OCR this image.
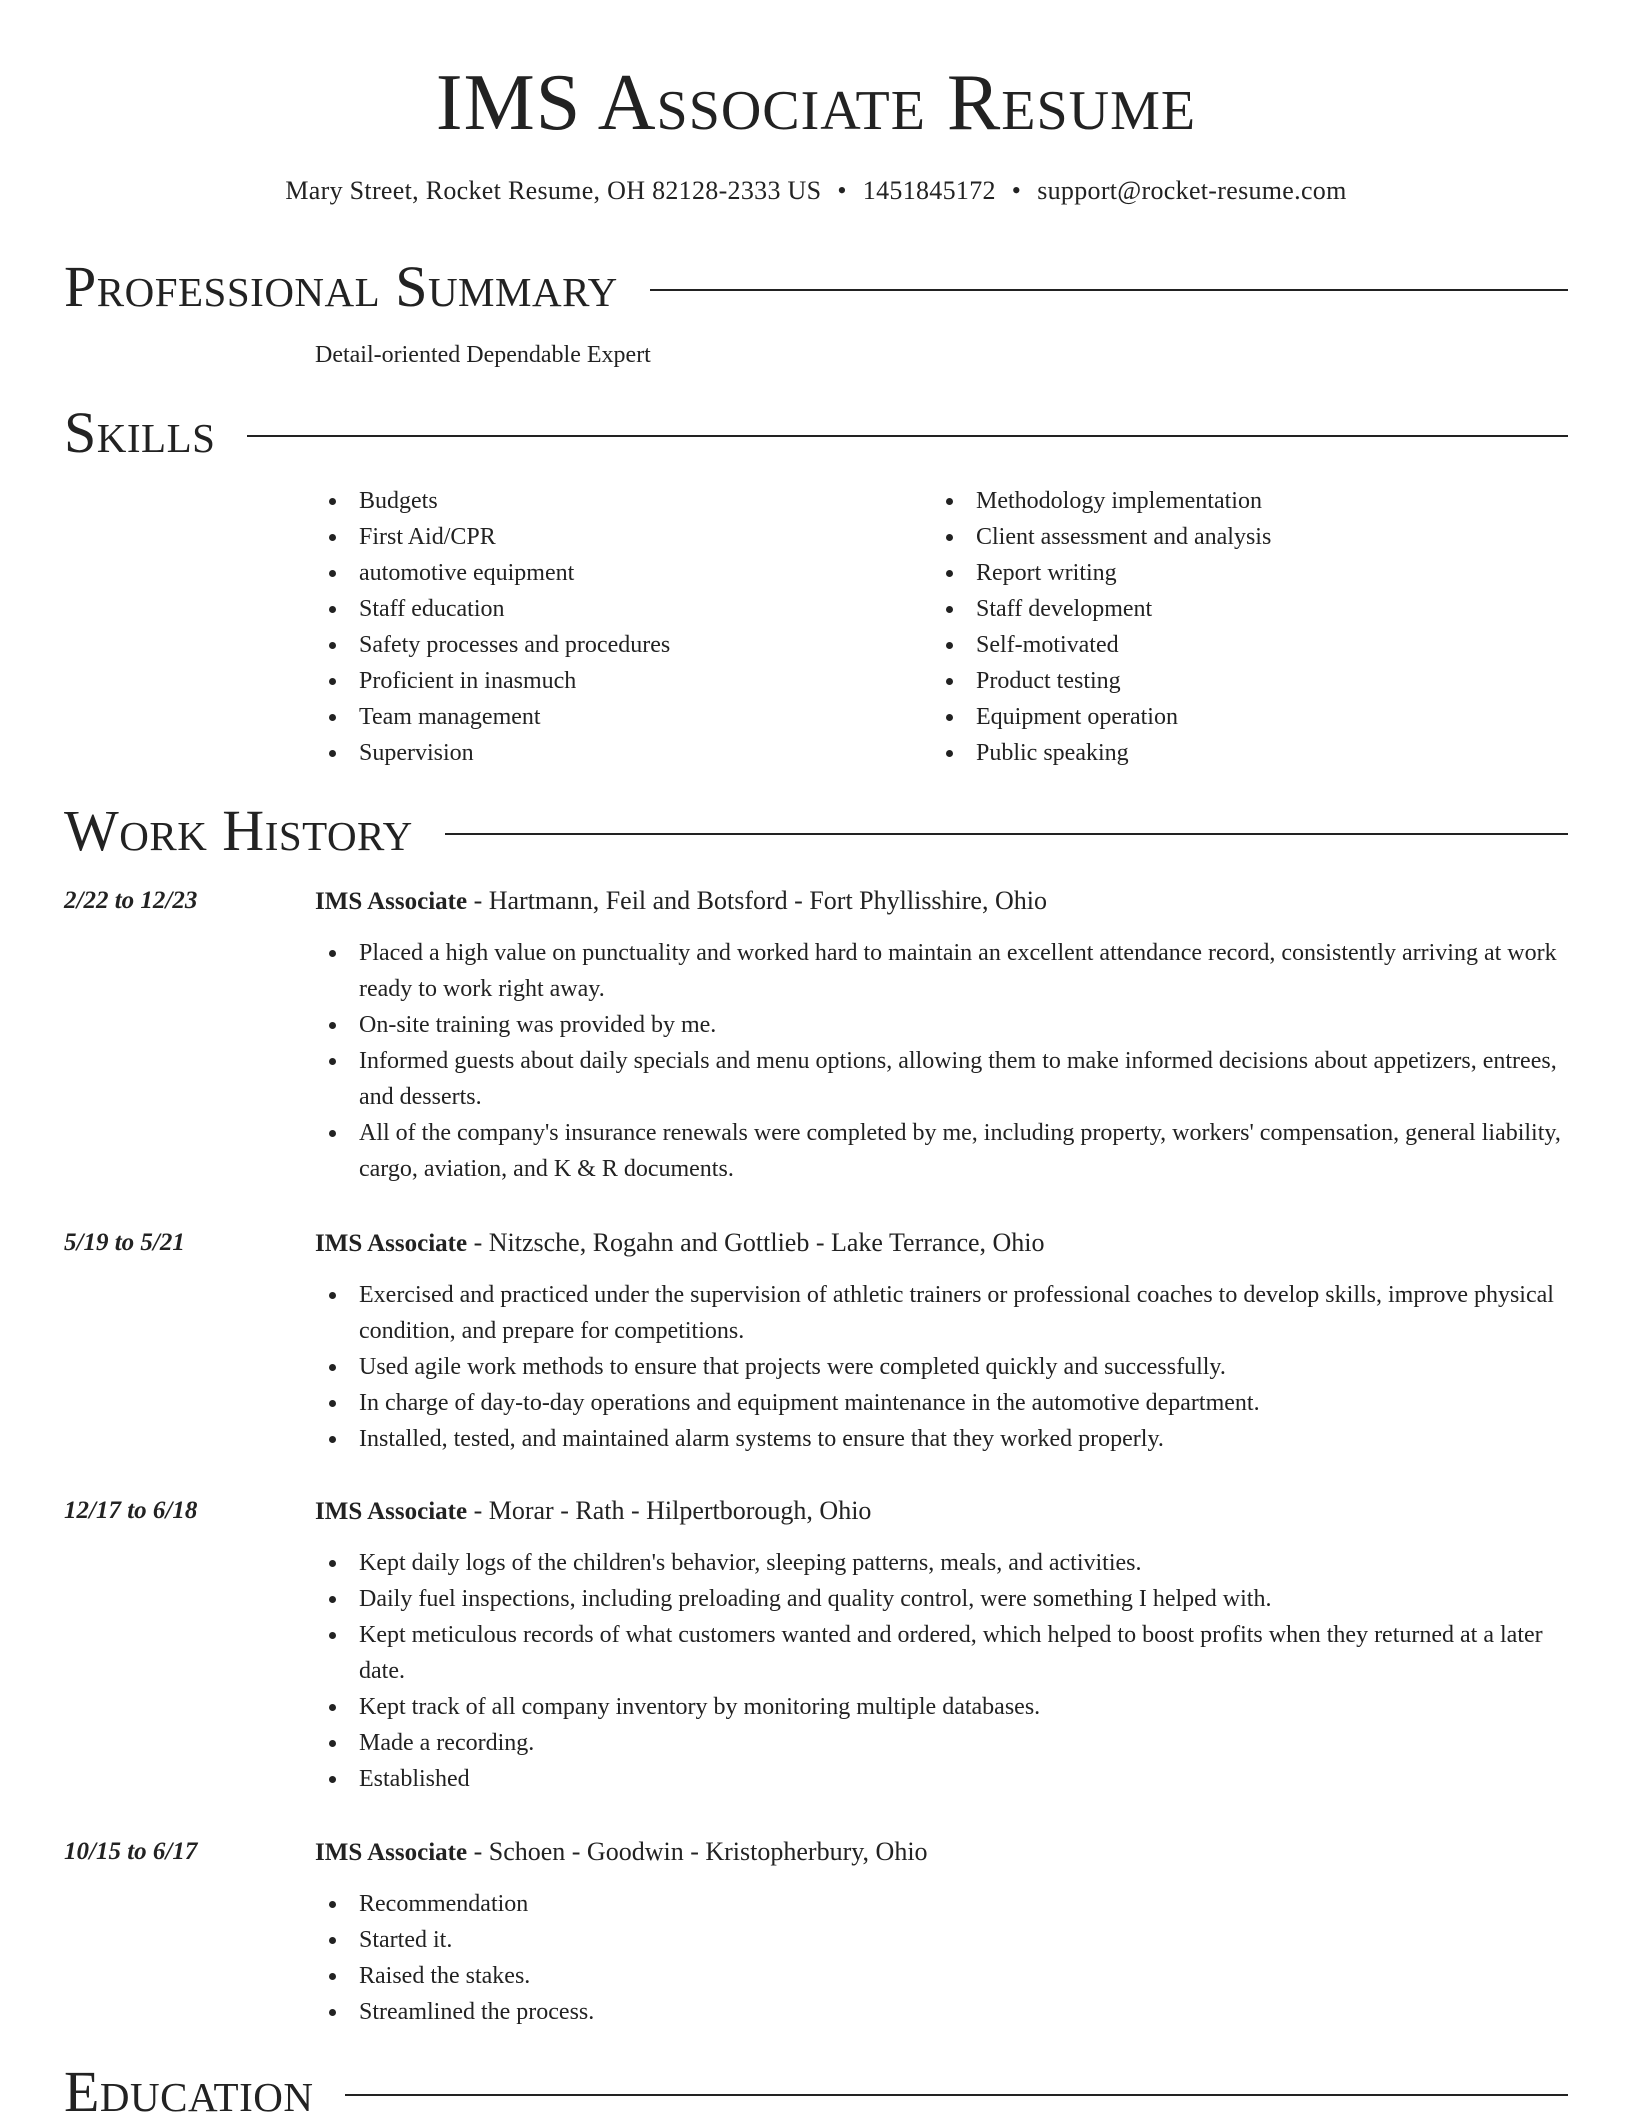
IMS Associate Resume
Mary Street, Rocket Resume, OH 82128-2333 US • 1451845172 • support@rocket-resume.com
Professional Summary
Detail-oriented Dependable Expert
Skills
Budgets
First Aid/CPR
automotive equipment
Staff education
Safety processes and procedures
Proficient in inasmuch
Team management
Supervision
Methodology implementation
Client assessment and analysis
Report writing
Staff development
Self-motivated
Product testing
Equipment operation
Public speaking
Work History
2/22 to 12/23	IMS Associate - Hartmann, Feil and Botsford - Fort Phyllisshire, Ohio
Placed a high value on punctuality and worked hard to maintain an excellent attendance record, consistently arriving at work ready to work right away.
On-site training was provided by me.
Informed guests about daily specials and menu options, allowing them to make informed decisions about appetizers, entrees, and desserts.
All of the company's insurance renewals were completed by me, including property, workers' compensation, general liability, cargo, aviation, and K & R documents.
5/19 to 5/21	IMS Associate - Nitzsche, Rogahn and Gottlieb - Lake Terrance, Ohio
Exercised and practiced under the supervision of athletic trainers or professional coaches to develop skills, improve physical condition, and prepare for competitions.
Used agile work methods to ensure that projects were completed quickly and successfully.
In charge of day-to-day operations and equipment maintenance in the automotive department.
Installed, tested, and maintained alarm systems to ensure that they worked properly.
12/17 to 6/18	IMS Associate - Morar - Rath - Hilpertborough, Ohio
Kept daily logs of the children's behavior, sleeping patterns, meals, and activities.
Daily fuel inspections, including preloading and quality control, were something I helped with.
Kept meticulous records of what customers wanted and ordered, which helped to boost profits when they returned at a later date.
Kept track of all company inventory by monitoring multiple databases.
Made a recording.
Established
10/15 to 6/17	IMS Associate - Schoen - Goodwin - Kristopherbury, Ohio
Recommendation
Started it.
Raised the stakes.
Streamlined the process.
Education
